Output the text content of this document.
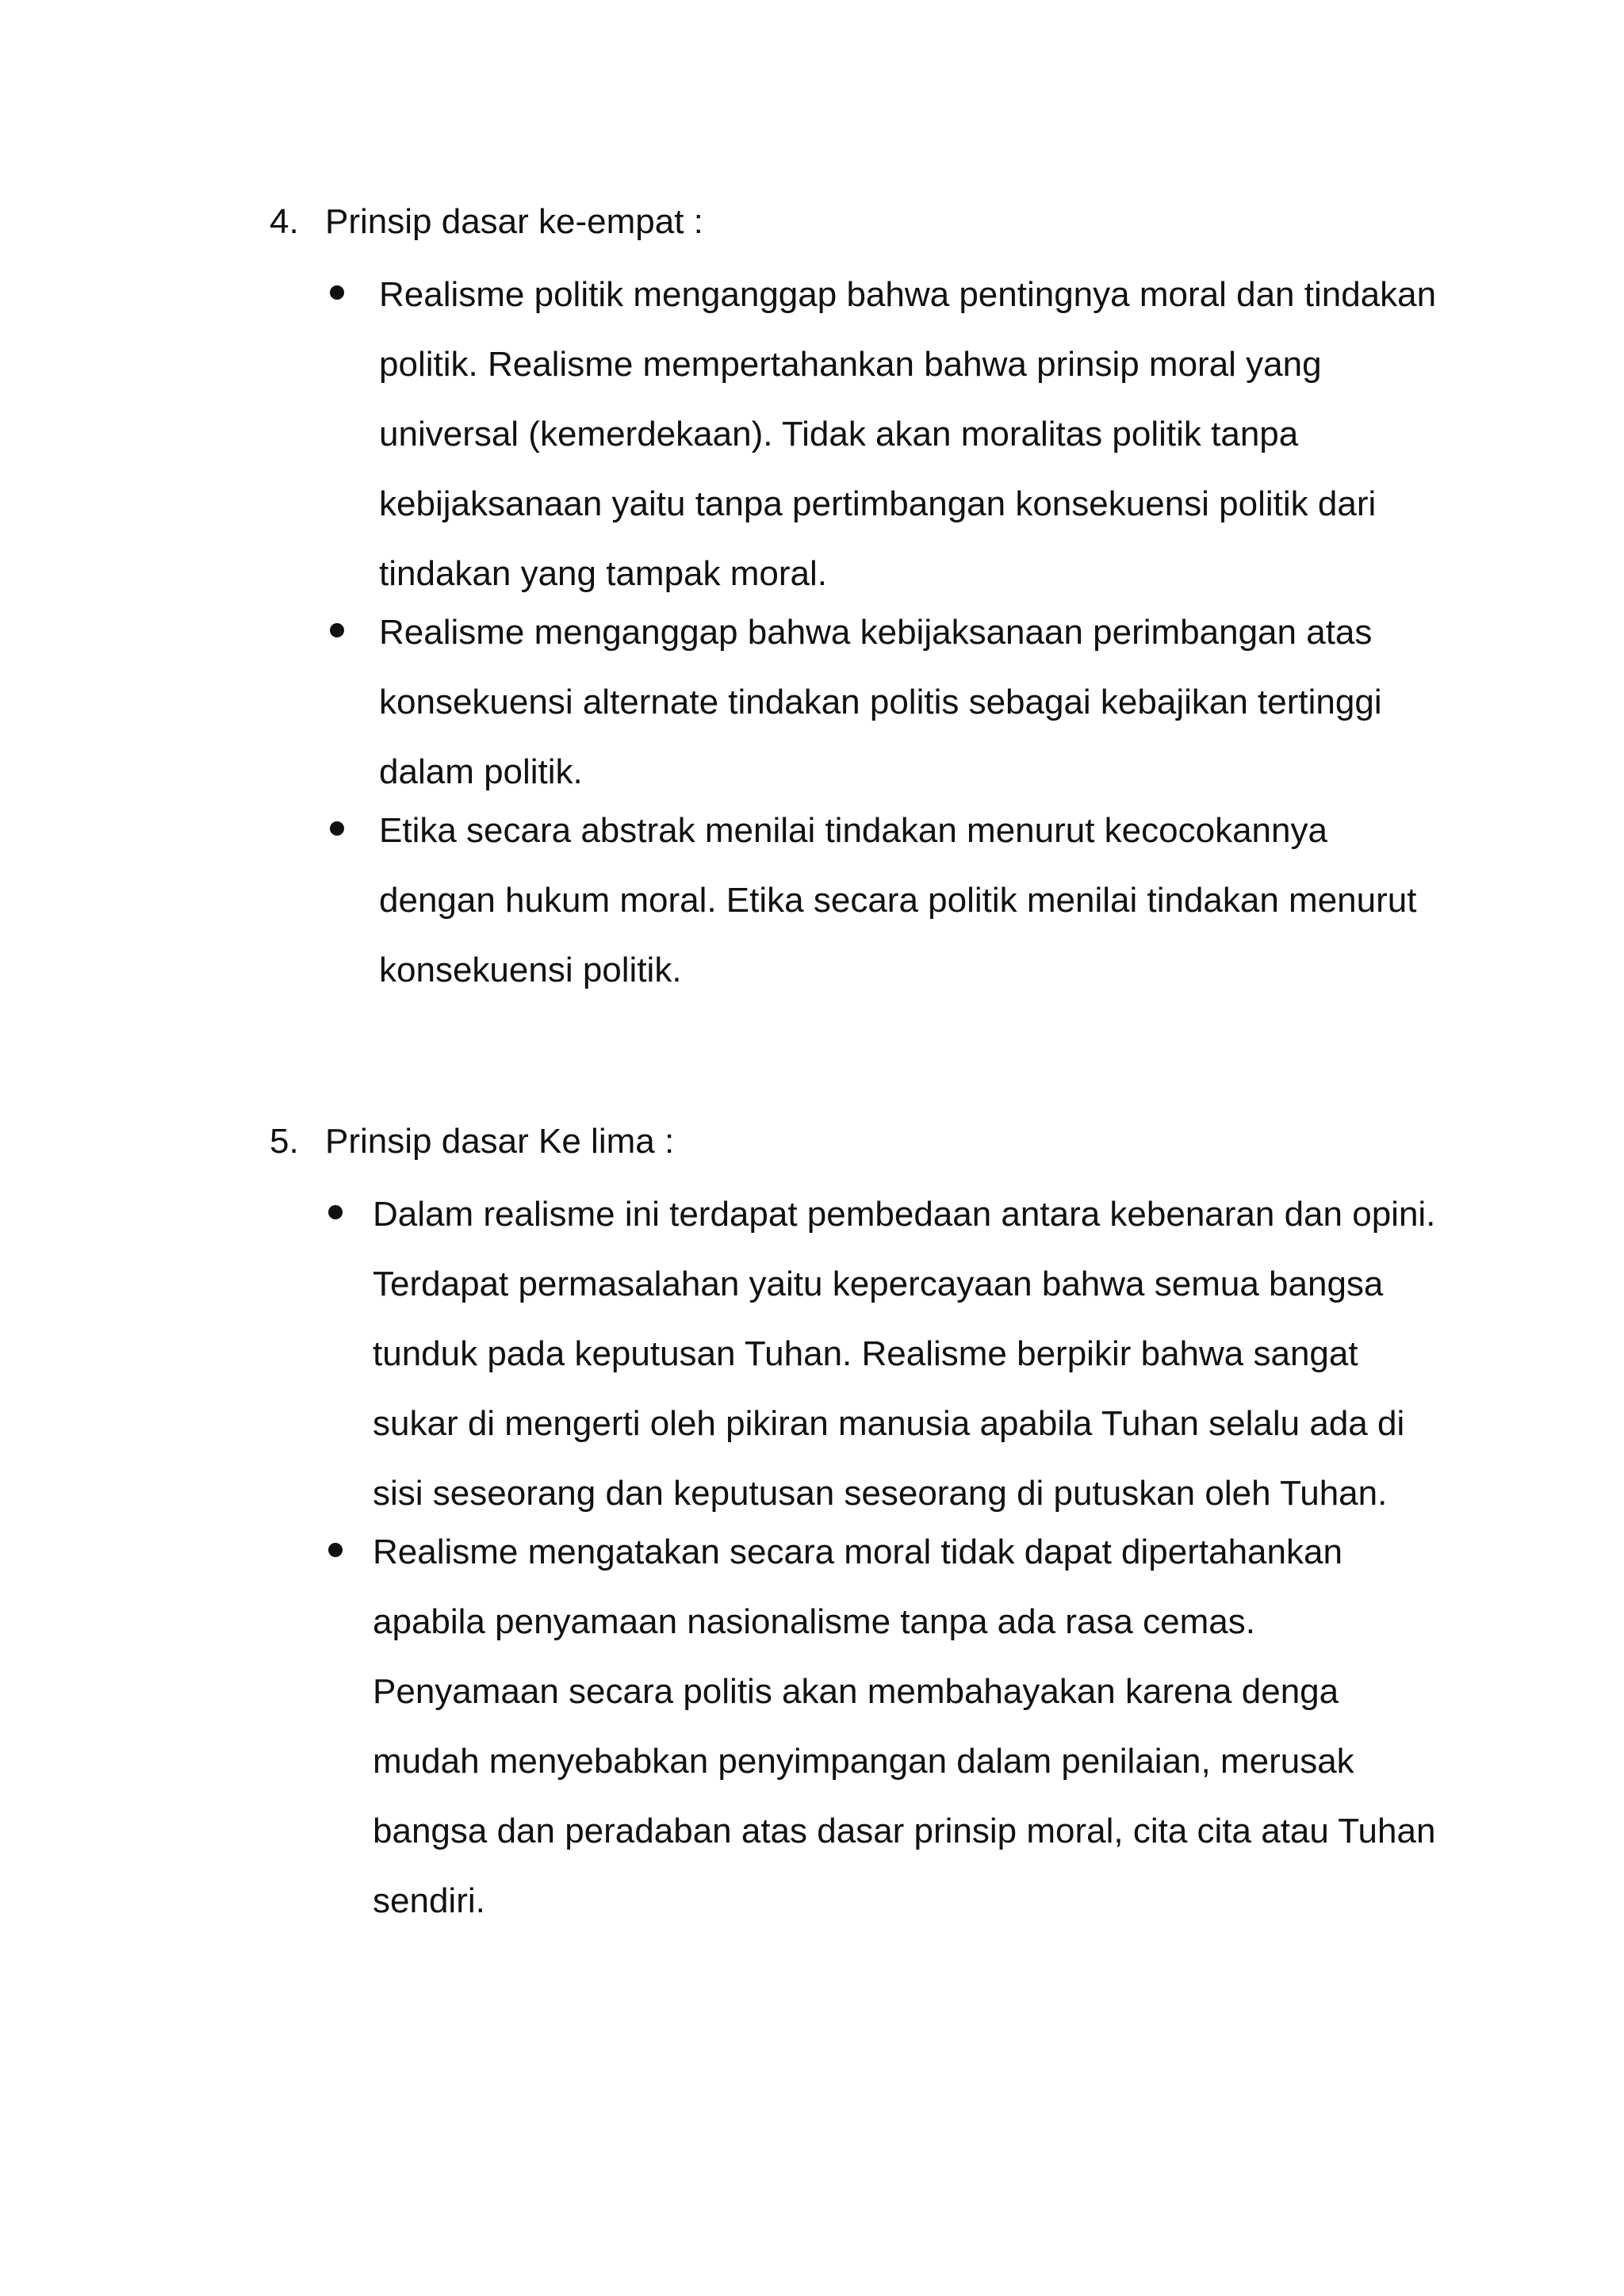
4. Prinsip dasar ke-empat :
Realisme politik menganggap bahwa pentingnya moral dan tindakan politik. Realisme mempertahankan bahwa prinsip moral yang universal (kemerdekaan). Tidak akan moralitas politik tanpa kebijaksanaan yaitu tanpa pertimbangan konsekuensi politik dari tindakan yang tampak moral.
Realisme menganggap bahwa kebijaksanaan perimbangan atas konsekuensi alternate tindakan politis sebagai kebajikan tertinggi dalam politik.
Etika secara abstrak menilai tindakan menurut kecocokannya dengan hukum moral. Etika secara politik menilai tindakan menurut konsekuensi politik.
5. Prinsip dasar Ke lima :
Dalam realisme ini terdapat pembedaan antara kebenaran dan opini. Terdapat permasalahan yaitu kepercayaan bahwa semua bangsa tunduk pada keputusan Tuhan. Realisme berpikir bahwa sangat sukar di mengerti oleh pikiran manusia apabila Tuhan selalu ada di sisi seseorang dan keputusan seseorang di putuskan oleh Tuhan.
Realisme mengatakan secara moral tidak dapat dipertahankan apabila penyamaan nasionalisme tanpa ada rasa cemas. Penyamaan secara politis akan membahayakan karena denga mudah menyebabkan penyimpangan dalam penilaian, merusak bangsa dan peradaban atas dasar prinsip moral, cita cita atau Tuhan sendiri.
